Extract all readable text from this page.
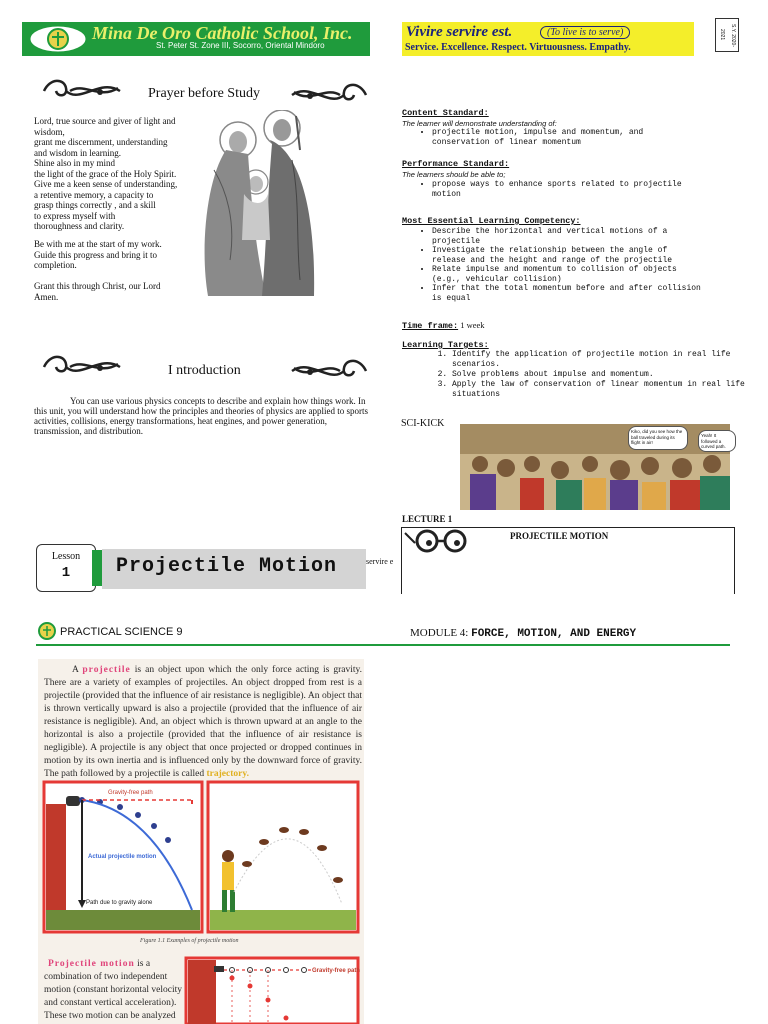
Mina De Oro Catholic School, Inc.
St. Peter St. Zone III, Socorro, Oriental Mindoro
Vivire servire est.	(To live is to serve)
Service. Excellence. Respect. Virtuousness. Empathy.
S.Y. 2020-2021
Prayer before Study
Lord, true source and giver of light and wisdom,
grant me discernment, understanding
and wisdom in learning.
Shine also in my mind
the light of the grace of the Holy Spirit.
Give me a keen sense of understanding,
a retentive memory, a capacity to
grasp things correctly , and a skill
to express myself with
thoroughness and clarity.
Be with me at the start of my work.
Guide this progress and bring it to
completion.
Grant this through Christ, our Lord
Amen.
I ntroduction
You can use various physics concepts to describe and explain how things work. In this unit, you will understand how the principles and theories of physics are applied to sports activities, collisions, energy transformations, heat engines, and power generation, transmission, and distribution.
Content Standard:
The learner will demonstrate understanding of:
• projectile motion, impulse and momentum, and
conservation of linear momentum
Performance Standard:
The learners should be able to;
• propose ways to enhance sports related to projectile
motion
Most Essential Learning Competency:
• Describe the horizontal and vertical motions of a
projectile
• Investigate the relationship between the angle of
release and the height and range of the projectile
• Relate impulse and momentum to collision of objects
(e.g., vehicular collision)
• Infer that the total momentum before and after collision
is equal
Time frame: 1 week
Learning Targets:
1. Identify the application of projectile motion in real life scenarios.
2. Solve problems about impulse and momentum.
3. Apply the law of conservation of linear momentum in real life situations
SCI-KICK
Kiko, did you see how the ball traveled during its flight in air!
Yeah! It followed a curved path.
LECTURE 1
PROJECTILE MOTION
Lesson
1	Projectile Motion	servire e
PRACTICAL SCIENCE 9	MODULE 4: FORCE, MOTION, AND ENERGY
A projectile is an object upon which the only force acting is gravity. There are a variety of examples of projectiles. An object dropped from rest is a projectile (provided that the influence of air resistance is negligible). An object that is thrown vertically upward is also a projectile (provided that the influence of air resistance is negligible). And, an object which is thrown upward at an angle to the horizontal is also a projectile (provided that the influence of air resistance is negligible). A projectile is any object that once projected or dropped continues in motion by its own inertia and is influenced only by the downward force of gravity. The path followed by a projectile is called trajectory.
Gravity-free path
Actual projectile motion
Path due to gravity alone
Figure 1.1 Examples of projectile motion
Projectile motion is a combination of two independent motion (constant horizontal velocity and constant vertical acceleration). These two motion can be analyzed
Gravity-free path
